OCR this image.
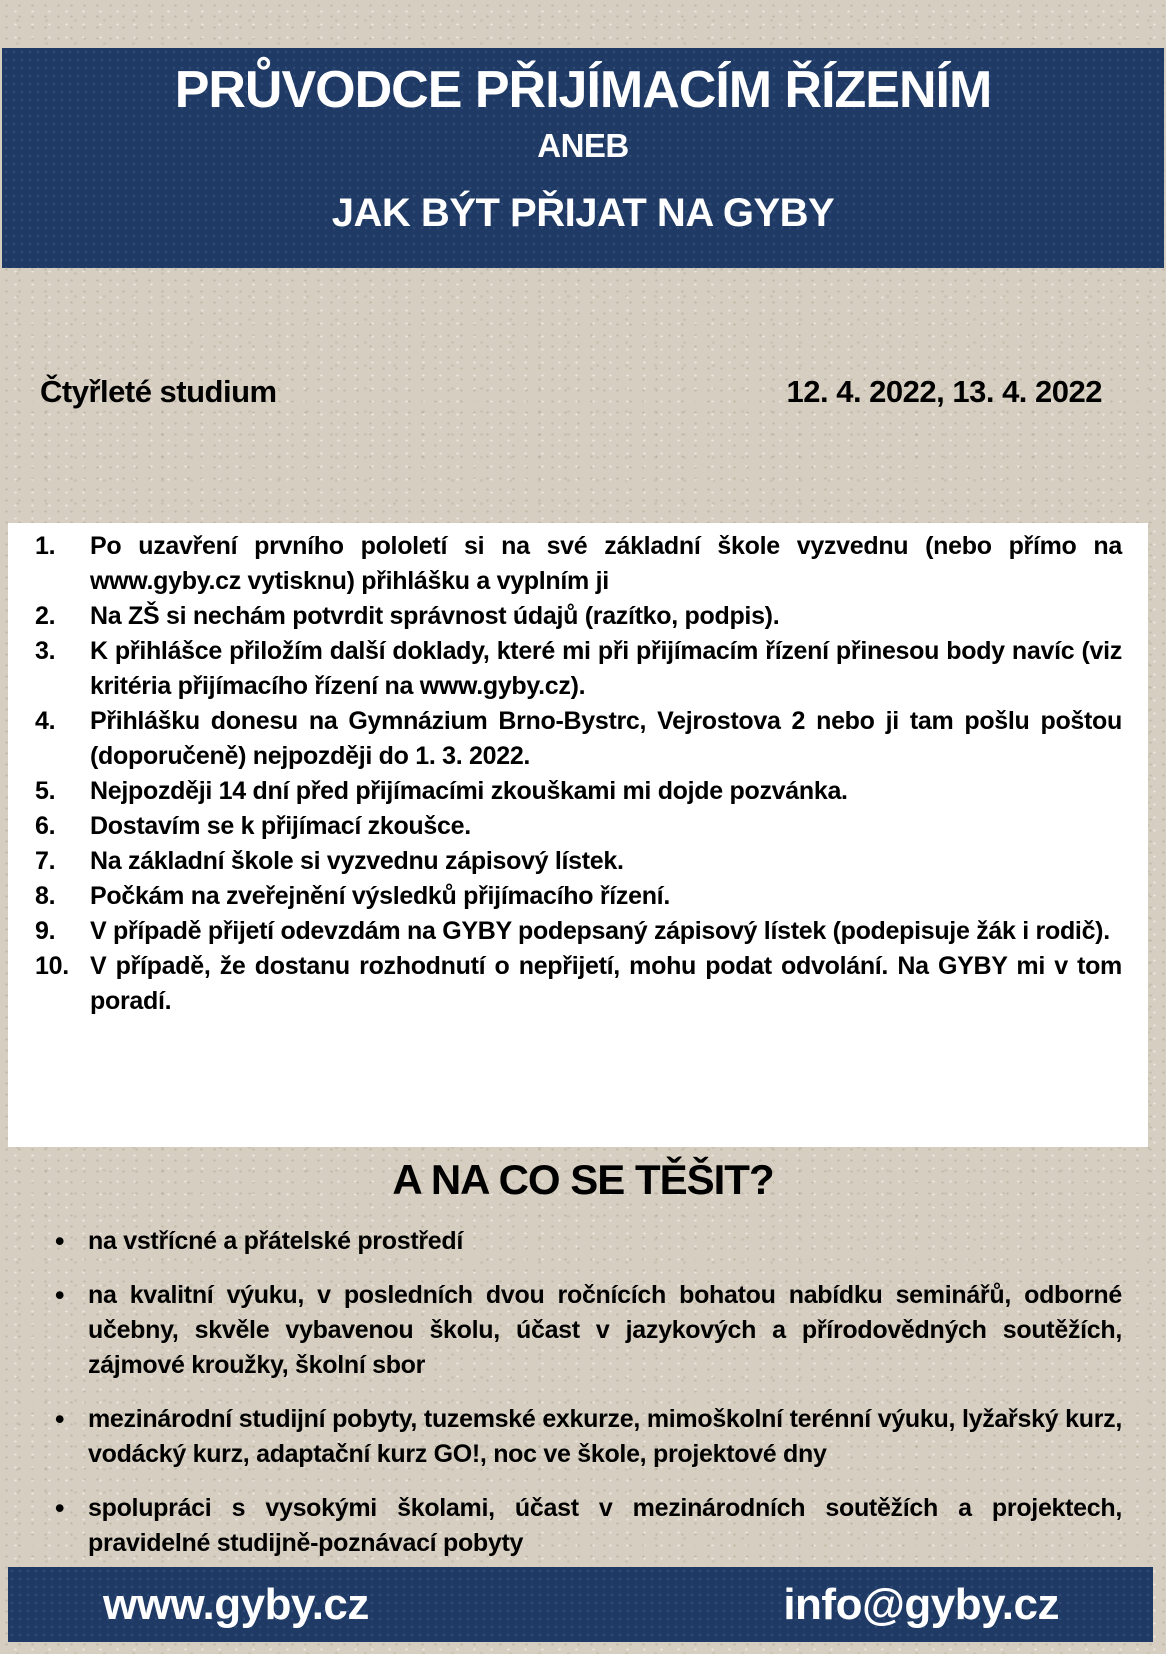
PRŮVODCE PŘIJÍMACÍM ŘÍZENÍM
ANEB
JAK BÝT PŘIJAT NA GYBY
Čtyřleté studium	12. 4. 2022, 13. 4. 2022
Po uzavření prvního pololetí si na své základní škole vyzvednu (nebo přímo na www.gyby.cz vytisknu) přihlášku a vyplním ji
Na ZŠ si nechám potvrdit správnost údajů (razítko, podpis).
K přihlášce přiložím další doklady, které mi při přijímacím řízení přinesou body navíc (viz kritéria přijímacího řízení na www.gyby.cz).
Přihlášku donesu na Gymnázium Brno-Bystrc, Vejrostova 2 nebo ji tam pošlu poštou (doporučeně) nejpozději do 1. 3. 2022.
Nejpozději 14 dní před přijímacími zkouškami mi dojde pozvánka.
Dostavím se k přijímací zkoušce.
Na základní škole si vyzvednu zápisový lístek.
Počkám na zveřejnění výsledků přijímacího řízení.
V případě přijetí odevzdám na GYBY podepsaný zápisový lístek (podepisuje žák i rodič).
V případě, že dostanu rozhodnutí o nepřijetí, mohu podat odvolání. Na GYBY mi v tom poradí.
A NA CO SE TĚŠIT?
• na vstřícné a přátelské prostředí
• na kvalitní výuku, v posledních dvou ročnících bohatou nabídku seminářů, odborné učebny, skvěle vybavenou školu, účast v jazykových a přírodovědných soutěžích, zájmové kroužky, školní sbor
• mezinárodní studijní pobyty, tuzemské exkurze, mimoškolní terénní výuku, lyžařský kurz, vodácký kurz, adaptační kurz GO!, noc ve škole, projektové dny
• spolupráci s vysokými školami, účast v mezinárodních soutěžích a projektech, pravidelné studijně-poznávací pobyty
www.gyby.cz	info@gyby.cz
